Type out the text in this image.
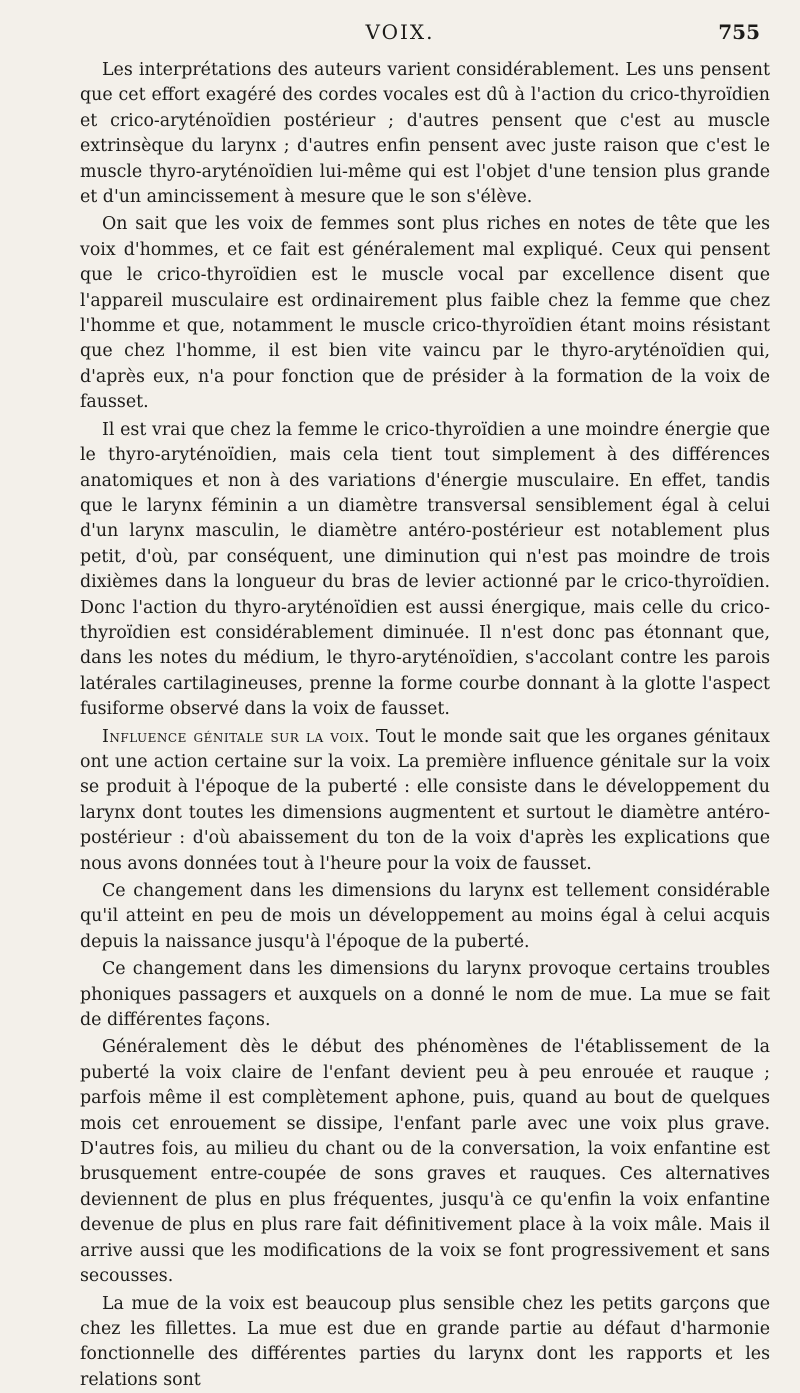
VOIX.	755

Les interprétations des auteurs varient considérablement. Les uns pensent que cet effort exagéré des cordes vocales est dû à l'action du crico-thyroïdien et crico-aryténoïdien postérieur ; d'autres pensent que c'est au muscle extrinsèque du larynx ; d'autres enfin pensent avec juste raison que c'est le muscle thyro-aryténoïdien lui-même qui est l'objet d'une tension plus grande et d'un amincissement à mesure que le son s'élève.

On sait que les voix de femmes sont plus riches en notes de tête que les voix d'hommes, et ce fait est généralement mal expliqué. Ceux qui pensent que le crico-thyroïdien est le muscle vocal par excellence disent que l'appareil musculaire est ordinairement plus faible chez la femme que chez l'homme et que, notamment le muscle crico-thyroïdien étant moins résistant que chez l'homme, il est bien vite vaincu par le thyro-aryténoïdien qui, d'après eux, n'a pour fonction que de présider à la formation de la voix de fausset.

Il est vrai que chez la femme le crico-thyroïdien a une moindre énergie que le thyro-aryténoïdien, mais cela tient tout simplement à des différences anatomiques et non à des variations d'énergie musculaire. En effet, tandis que le larynx féminin a un diamètre transversal sensiblement égal à celui d'un larynx masculin, le diamètre antéro-postérieur est notablement plus petit, d'où, par conséquent, une diminution qui n'est pas moindre de trois dixièmes dans la longueur du bras de levier actionné par le crico-thyroïdien. Donc l'action du thyro-aryténoïdien est aussi énergique, mais celle du crico-thyroïdien est considérablement diminuée. Il n'est donc pas étonnant que, dans les notes du médium, le thyro-aryténoïdien, s'accolant contre les parois latérales cartilagineuses, prenne la forme courbe donnant à la glotte l'aspect fusiforme observé dans la voix de fausset.

Influence génitale sur la voix. Tout le monde sait que les organes génitaux ont une action certaine sur la voix. La première influence génitale sur la voix se produit à l'époque de la puberté : elle consiste dans le développement du larynx dont toutes les dimensions augmentent et surtout le diamètre antéro-postérieur : d'où abaissement du ton de la voix d'après les explications que nous avons données tout à l'heure pour la voix de fausset.

Ce changement dans les dimensions du larynx est tellement considérable qu'il atteint en peu de mois un développement au moins égal à celui acquis depuis la naissance jusqu'à l'époque de la puberté.

Ce changement dans les dimensions du larynx provoque certains troubles phoniques passagers et auxquels on a donné le nom de mue. La mue se fait de différentes façons.

Généralement dès le début des phénomènes de l'établissement de la puberté la voix claire de l'enfant devient peu à peu enrouée et rauque ; parfois même il est complètement aphone, puis, quand au bout de quelques mois cet enrouement se dissipe, l'enfant parle avec une voix plus grave. D'autres fois, au milieu du chant ou de la conversation, la voix enfantine est brusquement entre-coupée de sons graves et rauques. Ces alternatives deviennent de plus en plus fréquentes, jusqu'à ce qu'enfin la voix enfantine devenue de plus en plus rare fait définitivement place à la voix mâle. Mais il arrive aussi que les modifications de la voix se font progressivement et sans secousses.

La mue de la voix est beaucoup plus sensible chez les petits garçons que chez les fillettes. La mue est due en grande partie au défaut d'harmonie fonctionnelle des différentes parties du larynx dont les rapports et les relations sont
